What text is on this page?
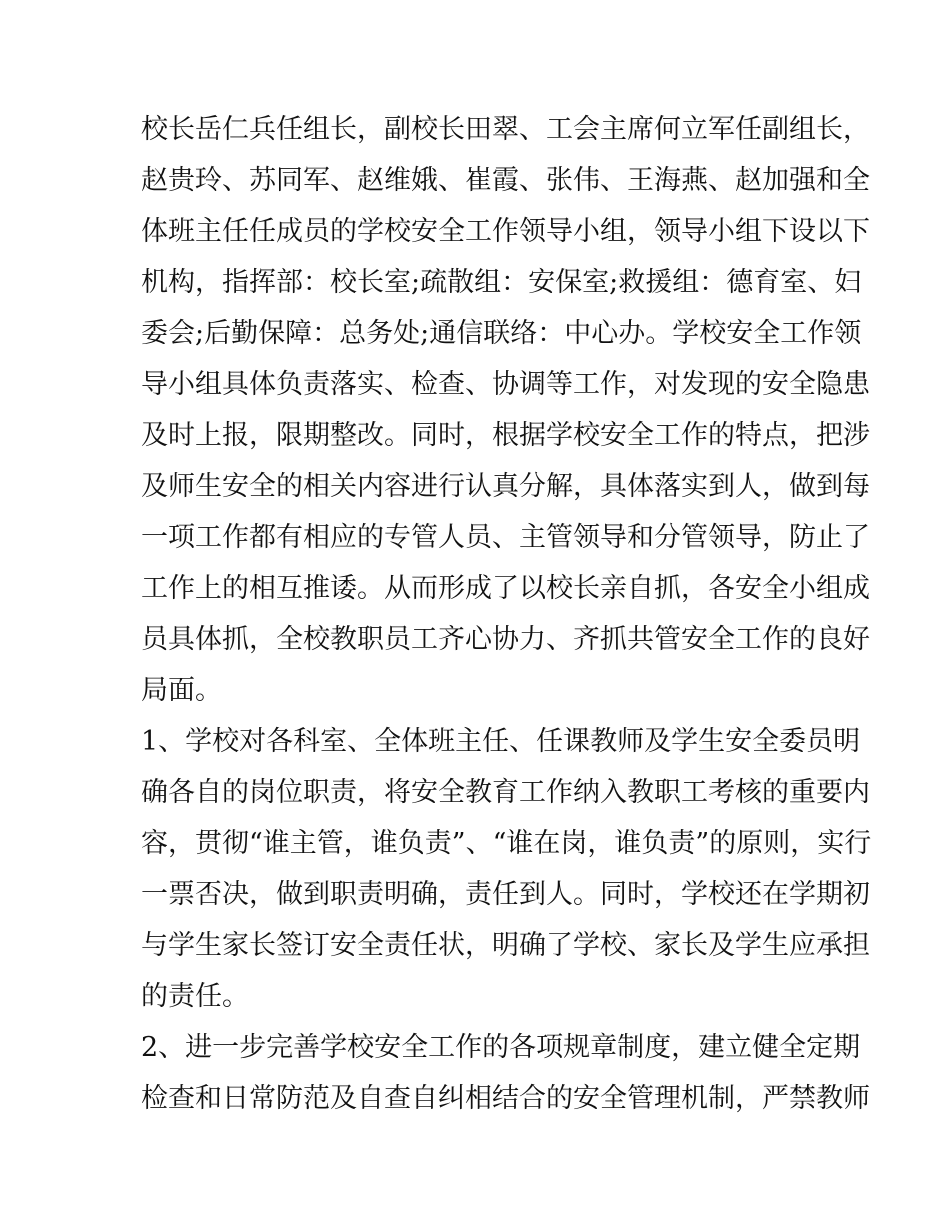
校长岳仁兵任组长，副校长田翠、工会主席何立军任副组长，
赵贵玲、苏同军、赵维娥、崔霞、张伟、王海燕、赵加强和全
体班主任任成员的学校安全工作领导小组，领导小组下设以下
机构，指挥部：校长室;疏散组：安保室;救援组：德育室、妇
委会;后勤保障：总务处;通信联络：中心办。学校安全工作领
导小组具体负责落实、检查、协调等工作，对发现的安全隐患
及时上报，限期整改。同时，根据学校安全工作的特点，把涉
及师生安全的相关内容进行认真分解，具体落实到人，做到每
一项工作都有相应的专管人员、主管领导和分管领导，防止了
工作上的相互推诿。从而形成了以校长亲自抓，各安全小组成
员具体抓，全校教职员工齐心协力、齐抓共管安全工作的良好
局面。
1、学校对各科室、全体班主任、任课教师及学生安全委员明
确各自的岗位职责，将安全教育工作纳入教职工考核的重要内
容，贯彻“谁主管，谁负责”、“谁在岗，谁负责”的原则，实行
一票否决，做到职责明确，责任到人。同时，学校还在学期初
与学生家长签订安全责任状，明确了学校、家长及学生应承担
的责任。
2、进一步完善学校安全工作的各项规章制度，建立健全定期
检查和日常防范及自查自纠相结合的安全管理机制，严禁教师
